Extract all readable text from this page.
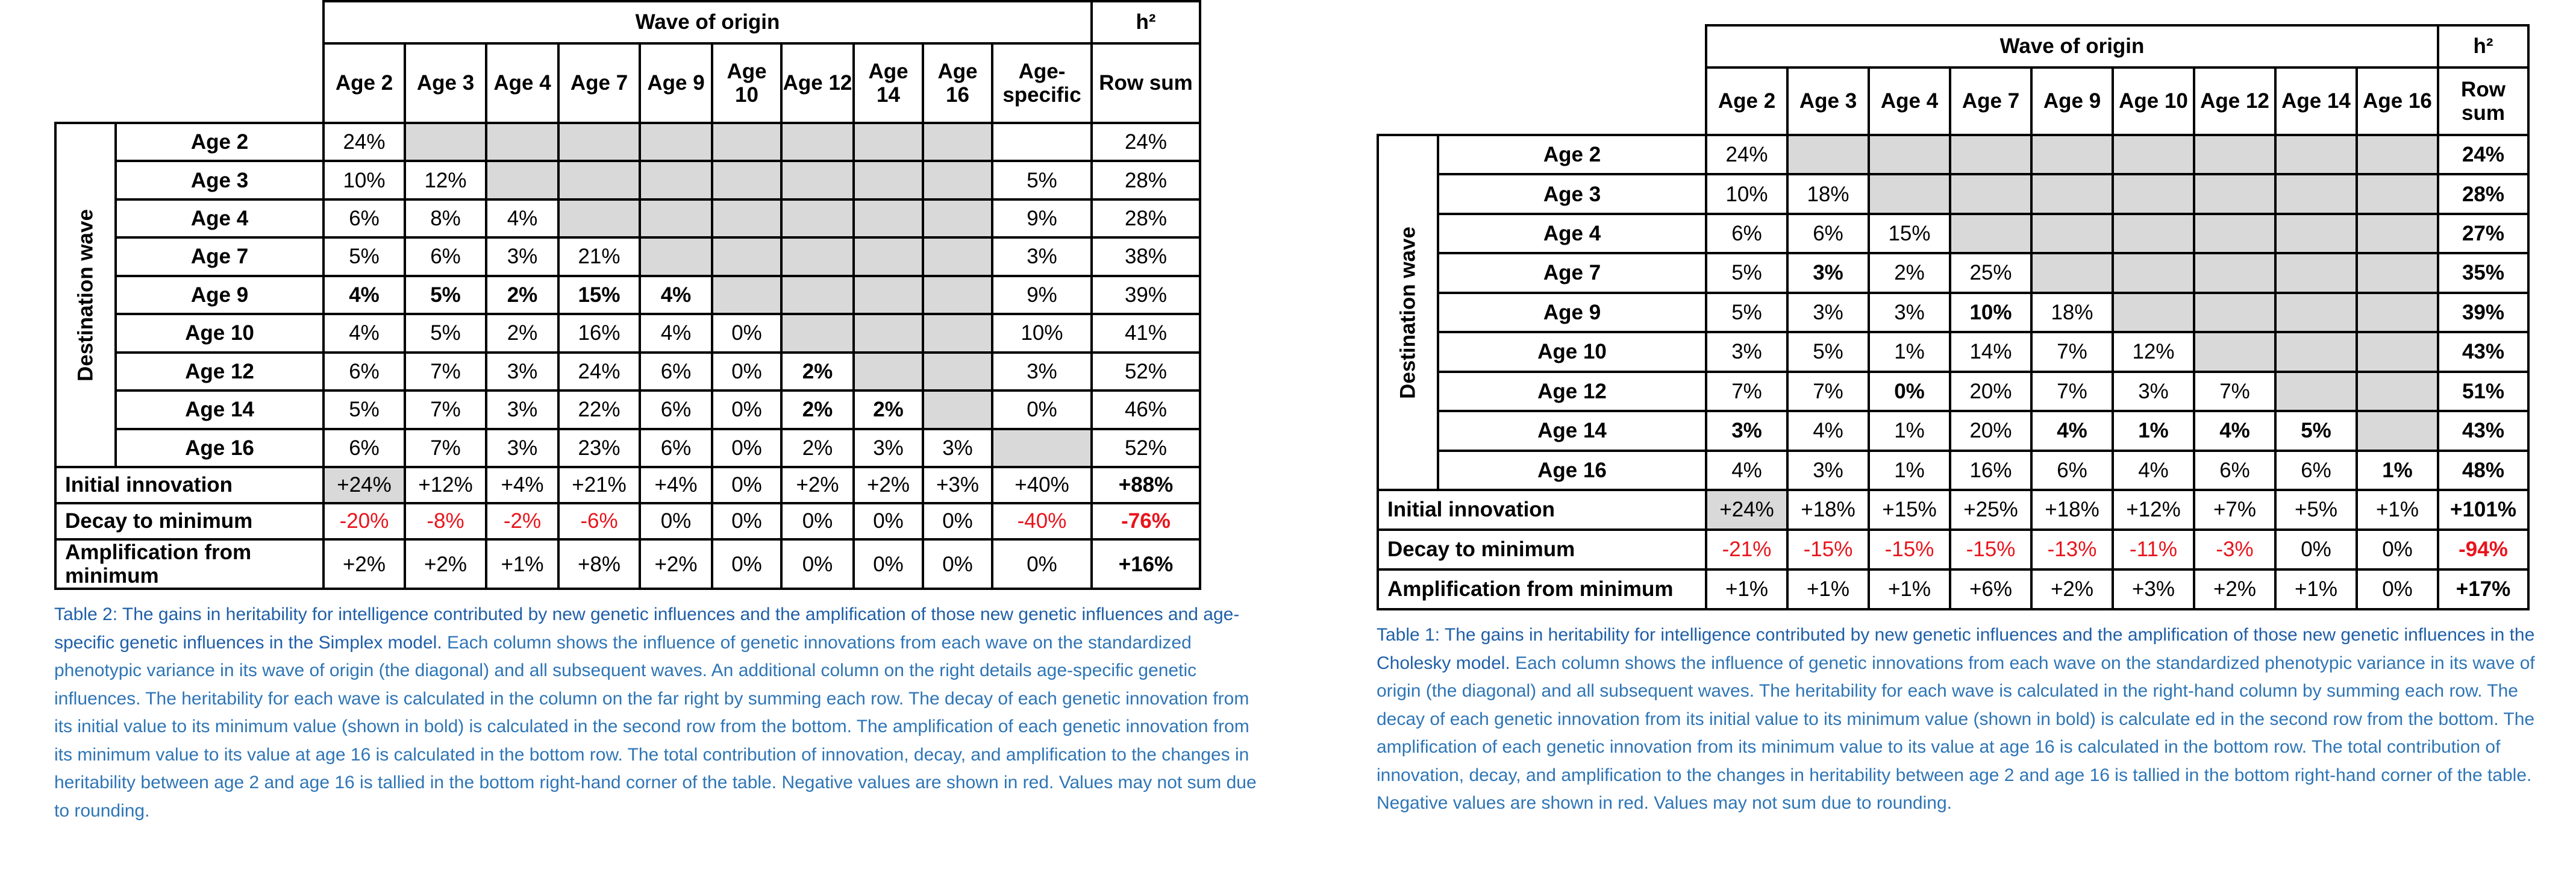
		Wave of origin										h²
		Age 2	Age 3	Age 4	Age 7	Age 9	Age 10	Age 12	Age 14	Age 16	Age-specific	Row sum

Destination wave	Age 2	24%										24%
	Age 3	10%	12%								5%	28%
	Age 4	6%	8%	4%							9%	28%
	Age 7	5%	6%	3%	21%						3%	38%
	Age 9	4%	5%	2%	15%	4%					9%	39%
	Age 10	4%	5%	2%	16%	4%	0%				10%	41%
	Age 12	6%	7%	3%	24%	6%	0%	2%			3%	52%
	Age 14	5%	7%	3%	22%	6%	0%	2%	2%		0%	46%
	Age 16	6%	7%	3%	23%	6%	0%	2%	3%	3%		52%
Initial innovation		+24%	+12%	+4%	+21%	+4%	0%	+2%	+2%	+3%	+40%	+88%
Decay to minimum		-20%	-8%	-2%	-6%	0%	0%	0%	0%	0%	-40%	-76%
Amplification from minimum		+2%	+2%	+1%	+8%	+2%	0%	0%	0%	0%	0%	+16%
Table 2: The gains in heritability for intelligence contributed by new genetic influences and the amplification of those new genetic influences and age-specific genetic influences in the Simplex model. Each column shows the influence of genetic innovations from each wave on the standardized phenotypic variance in its wave of origin (the diagonal) and all subsequent waves. An additional column on the right details age-specific genetic influences. The heritability for each wave is calculated in the column on the far right by summing each row. The decay of each genetic innovation from its initial value to its minimum value (shown in bold) is calculated in the second row from the bottom. The amplification of each genetic innovation from its minimum value to its value at age 16 is calculated in the bottom row. The total contribution of innovation, decay, and amplification to the changes in heritability between age 2 and age 16 is tallied in the bottom right-hand corner of the table. Negative values are shown in red. Values may not sum due to rounding.
		Wave of origin									h²
		Age 2	Age 3	Age 4	Age 7	Age 9	Age 10	Age 12	Age 14	Age 16	Row sum

Destination wave	Age 2	24%									24%
	Age 3	10%	18%								28%
	Age 4	6%	6%	15%							27%
	Age 7	5%	3%	2%	25%						35%
	Age 9	5%	3%	3%	10%	18%					39%
	Age 10	3%	5%	1%	14%	7%	12%				43%
	Age 12	7%	7%	0%	20%	7%	3%	7%			51%
	Age 14	3%	4%	1%	20%	4%	1%	4%	5%		43%
	Age 16	4%	3%	1%	16%	6%	4%	6%	6%	1%	48%
Initial innovation		+24%	+18%	+15%	+25%	+18%	+12%	+7%	+5%	+1%	+101%
Decay to minimum		-21%	-15%	-15%	-15%	-13%	-11%	-3%	0%	0%	-94%
Amplification from minimum		+1%	+1%	+1%	+6%	+2%	+3%	+2%	+1%	0%	+17%
Table 1: The gains in heritability for intelligence contributed by new genetic influences and the amplification of those new genetic influences in the Cholesky model. Each column shows the influence of genetic innovations from each wave on the standardized phenotypic variance in its wave of origin (the diagonal) and all subsequent waves. The heritability for each wave is calculated in the right-hand column by summing each row. The decay of each genetic innovation from its initial value to its minimum value (shown in bold) is calculate ed in the second row from the bottom. The amplification of each genetic innovation from its minimum value to its value at age 16 is calculated in the bottom row. The total contribution of innovation, decay, and amplification to the changes in heritability between age 2 and age 16 is tallied in the bottom right-hand corner of the table. Negative values are shown in red. Values may not sum due to rounding.
